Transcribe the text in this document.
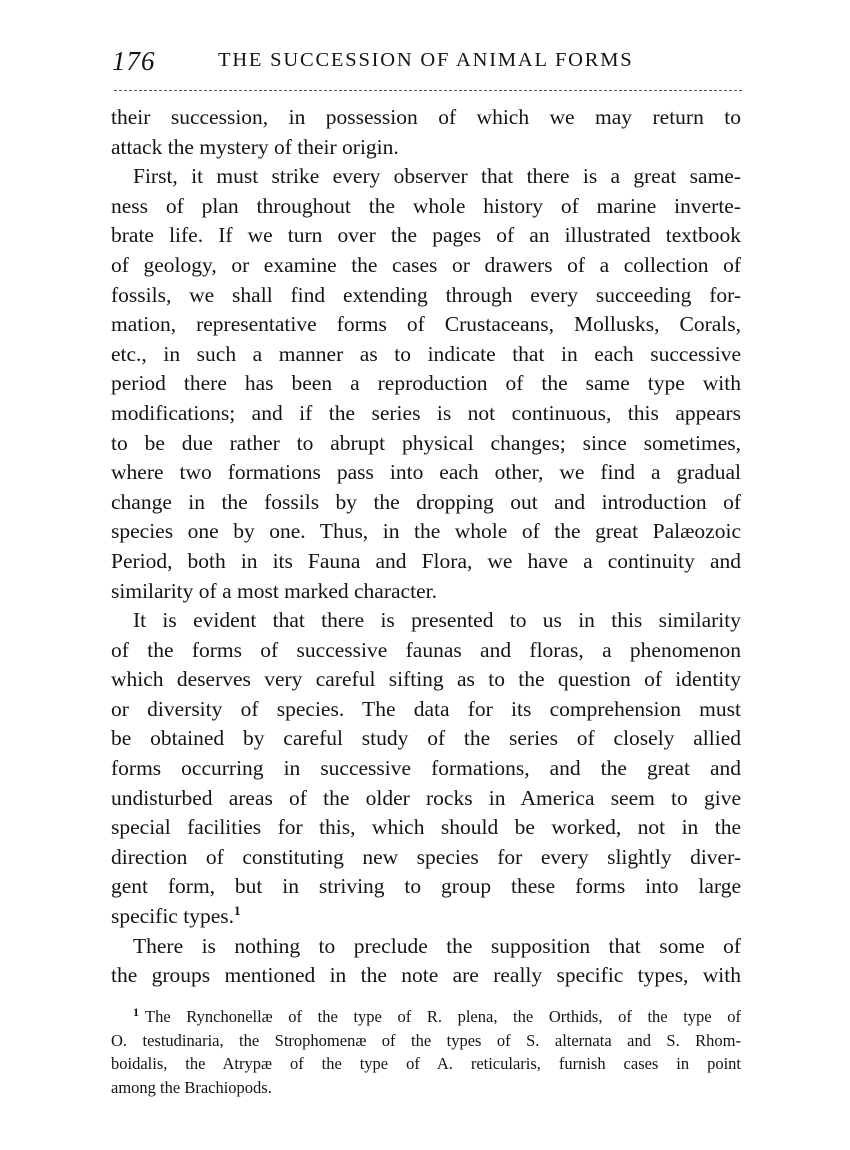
176	THE SUCCESSION OF ANIMAL FORMS
their succession, in possession of which we may return to
attack the mystery of their origin.
First, it must strike every observer that there is a great same-
ness of plan throughout the whole history of marine inverte-
brate life. If we turn over the pages of an illustrated textbook
of geology, or examine the cases or drawers of a collection of
fossils, we shall find extending through every succeeding for-
mation, representative forms of Crustaceans, Mollusks, Corals,
etc., in such a manner as to indicate that in each successive
period there has been a reproduction of the same type with
modifications; and if the series is not continuous, this appears
to be due rather to abrupt physical changes; since sometimes,
where two formations pass into each other, we find a gradual
change in the fossils by the dropping out and introduction of
species one by one. Thus, in the whole of the great Palæozoic
Period, both in its Fauna and Flora, we have a continuity and
similarity of a most marked character.
It is evident that there is presented to us in this similarity
of the forms of successive faunas and floras, a phenomenon
which deserves very careful sifting as to the question of identity
or diversity of species. The data for its comprehension must
be obtained by careful study of the series of closely allied
forms occurring in successive formations, and the great and
undisturbed areas of the older rocks in America seem to give
special facilities for this, which should be worked, not in the
direction of constituting new species for every slightly diver-
gent form, but in striving to group these forms into large
specific types.$^1$
There is nothing to preclude the supposition that some of
the groups mentioned in the note are really specific types, with
$^1$ The Rynchonellæ of the type of R. plena, the Orthids, of the type of
O. testudinaria, the Strophomenæ of the types of S. alternata and S. Rhom-
boidalis, the Atrypæ of the type of A. reticularis, furnish cases in point
among the Brachiopods.
